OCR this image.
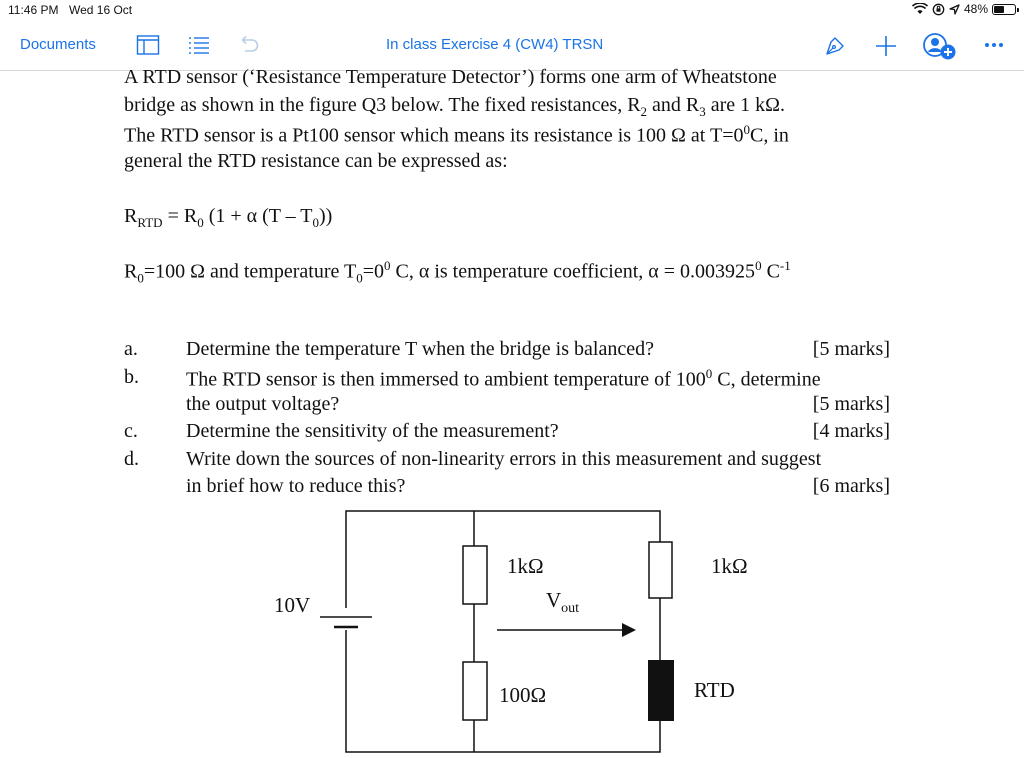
11:46 PM Wed 16 Oct	48%
Documents	In class Exercise 4 (CW4) TRSN
A RTD sensor (‘Resistance Temperature Detector’) forms one arm of Wheatstone
bridge as shown in the figure Q3 below. The fixed resistances, $R_2$ and $R_3$ are 1 kΩ.
The RTD sensor is a Pt100 sensor which means its resistance is 100 Ω at $T=0^0C$, in
general the RTD resistance can be expressed as:
$R_{RTD} = R_0$ (1 + α $(T - T_0)$)
$R_0=100$ Ω and temperature $T_0=0^0$ C, α is temperature coefficient, $\alpha = 0.003925^0$ $C^{-1}$
a. Determine the temperature T when the bridge is balanced?	[5 marks]
b. The RTD sensor is then immersed to ambient temperature of $100^0$ C, determine
the output voltage?	[5 marks]
c. Determine the sensitivity of the measurement?	[4 marks]
d. Write down the sources of non-linearity errors in this measurement and suggest
in brief how to reduce this?	[6 marks]
10V
1kΩ	1kΩ
$V_{out}$
100Ω	RTD
